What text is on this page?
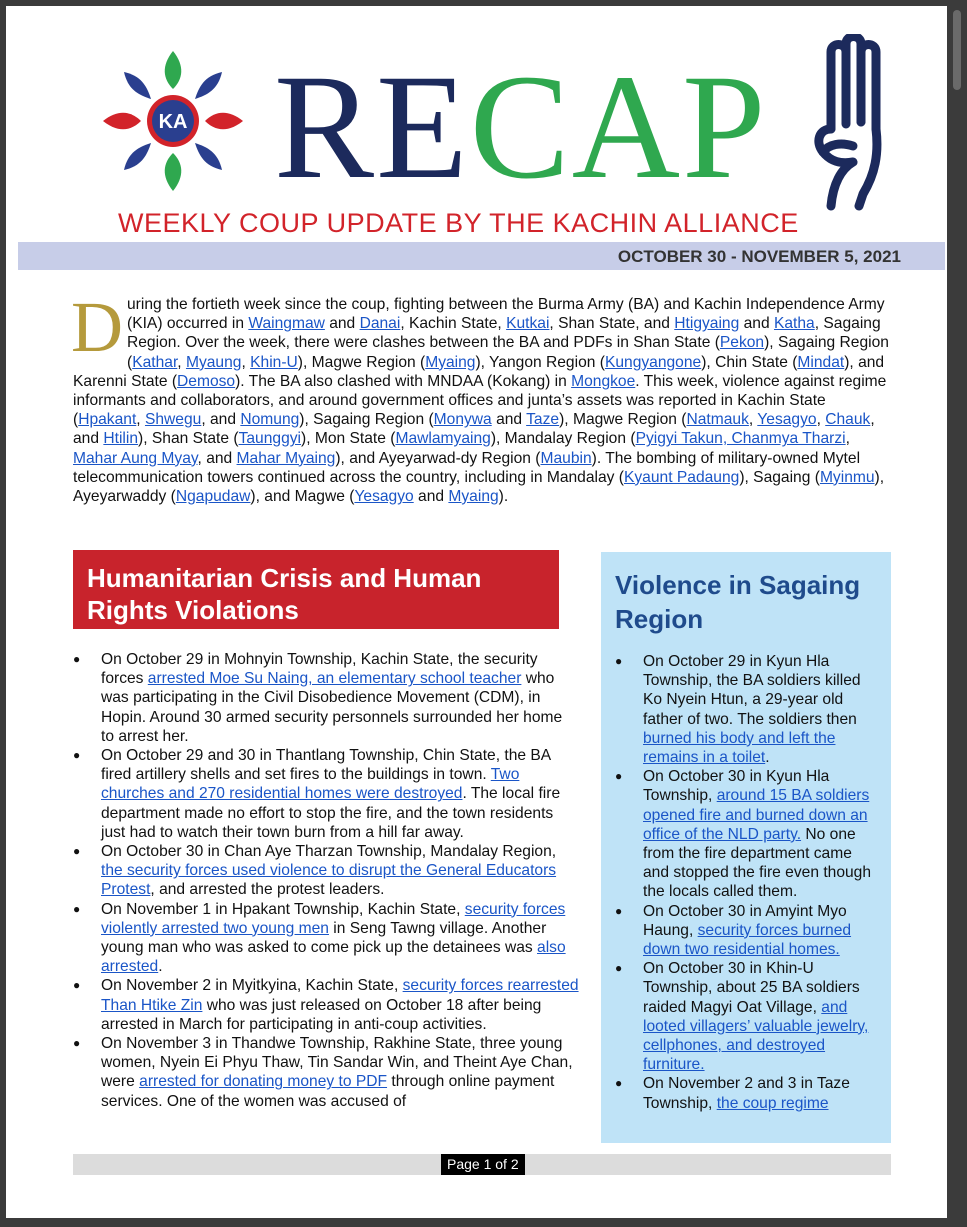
KA RECAP
WEEKLY COUP UPDATE BY THE KACHIN ALLIANCE
OCTOBER 30 - NOVEMBER 5, 2021
D uring the fortieth week since the coup, fighting between the Burma Army (BA) and Kachin Independence Army (KIA) occurred in Waingmaw and Danai, Kachin State, Kutkai, Shan State, and Htigyaing and Katha, Sagaing Region. Over the week, there were clashes between the BA and PDFs in Shan State (Pekon), Sagaing Region (Kathar, Myaung, Khin-U), Magwe Region (Myaing), Yangon Region (Kungyangone), Chin State (Mindat), and Karenni State (Demoso). The BA also clashed with MNDAA (Kokang) in Mongkoe. This week, violence against regime informants and collaborators, and around government offices and junta’s assets was reported in Kachin State (Hpakant, Shwegu, and Nomung), Sagaing Region (Monywa and Taze), Magwe Region (Natmauk, Yesagyo, Chauk, and Htilin), Shan State (Taunggyi), Mon State (Mawlamyaing), Mandalay Region (Pyigyi Takun, Chanmya Tharzi, Mahar Aung Myay, and Mahar Myaing), and Ayeyarwad-dy Region (Maubin). The bombing of military-owned Mytel telecommunication towers continued across the country, including in Mandalay (Kyaunt Padaung), Sagaing (Myinmu), Ayeyarwaddy (Ngapudaw), and Magwe (Yesagyo and Myaing).
Humanitarian Crisis and Human Rights Violations
● On October 29 in Mohnyin Township, Kachin State, the security forces arrested Moe Su Naing, an elementary school teacher who was participating in the Civil Disobedience Movement (CDM), in Hopin. Around 30 armed security personnels surrounded her home to arrest her.
● On October 29 and 30 in Thantlang Township, Chin State, the BA fired artillery shells and set fires to the buildings in town. Two churches and 270 residential homes were destroyed. The local fire department made no effort to stop the fire, and the town residents just had to watch their town burn from a hill far away.
● On October 30 in Chan Aye Tharzan Township, Mandalay Region, the security forces used violence to disrupt the General Educators Protest, and arrested the protest leaders.
● On November 1 in Hpakant Township, Kachin State, security forces violently arrested two young men in Seng Tawng village. Another young man who was asked to come pick up the detainees was also arrested.
● On November 2 in Myitkyina, Kachin State, security forces rearrested Than Htike Zin who was just released on October 18 after being arrested in March for participating in anti-coup activities.
● On November 3 in Thandwe Township, Rakhine State, three young women, Nyein Ei Phyu Thaw, Tin Sandar Win, and Theint Aye Chan, were arrested for donating money to PDF through online payment services. One of the women was accused of
Violence in Sagaing Region
● On October 29 in Kyun Hla Township, the BA soldiers killed Ko Nyein Htun, a 29-year old father of two. The soldiers then burned his body and left the remains in a toilet.
● On October 30 in Kyun Hla Township, around 15 BA soldiers opened fire and burned down an office of the NLD party. No one from the fire department came and stopped the fire even though the locals called them.
● On October 30 in Amyint Myo Haung, security forces burned down two residential homes.
● On October 30 in Khin-U Township, about 25 BA soldiers raided Magyi Oat Village, and looted villagers’ valuable jewelry, cellphones, and destroyed furniture.
● On November 2 and 3 in Taze Township, the coup regime
Page 1 of 2
